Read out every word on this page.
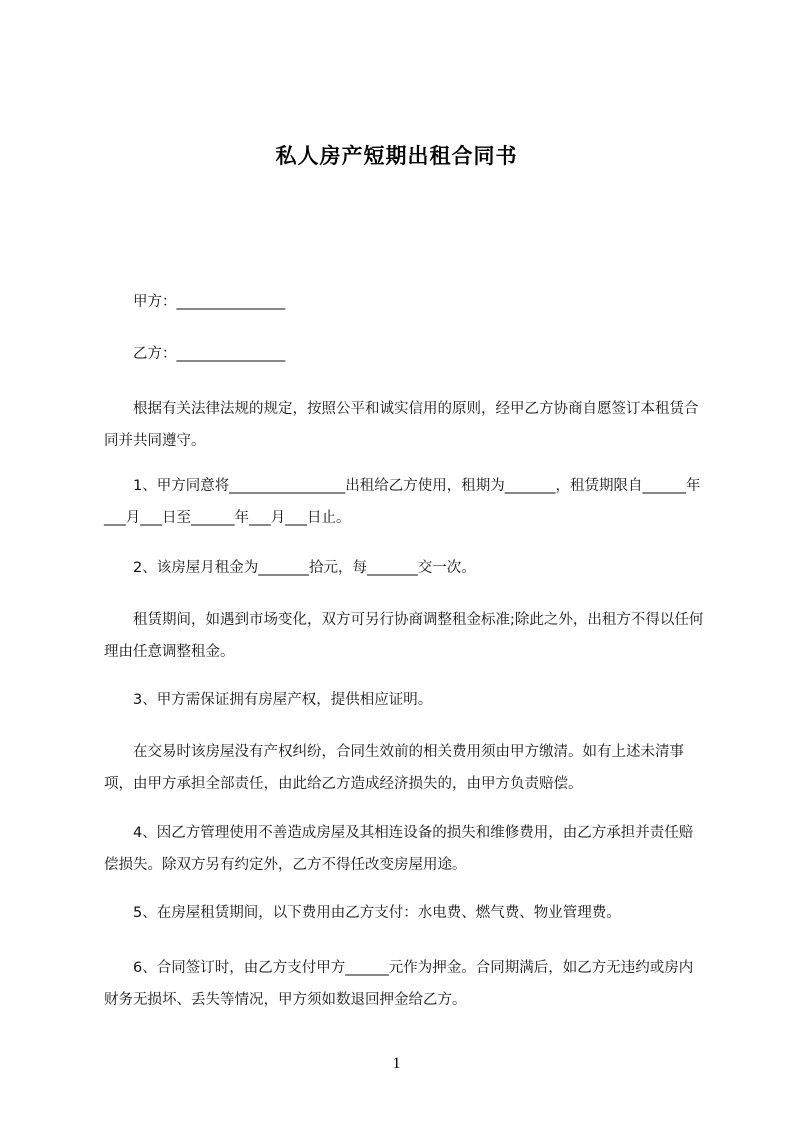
私人房产短期出租合同书
　　甲方：_______________
　　乙方：_______________
　　根据有关法律法规的规定，按照公平和诚实信用的原则，经甲乙方协商自愿签订本租赁合同并共同遵守。
　　1、甲方同意将________________出租给乙方使用，租期为_______，租赁期限自______年___月___日至______年___月___日止。
　　2、该房屋月租金为_______拾元，每_______交一次。
　　租赁期间，如遇到市场变化，双方可另行协商调整租金标准;除此之外，出租方不得以任何理由任意调整租金。
　　3、甲方需保证拥有房屋产权，提供相应证明。
　　在交易时该房屋没有产权纠纷，合同生效前的相关费用须由甲方缴清。如有上述未清事项，由甲方承担全部责任，由此给乙方造成经济损失的，由甲方负责赔偿。
　　4、因乙方管理使用不善造成房屋及其相连设备的损失和维修费用，由乙方承担并责任赔偿损失。除双方另有约定外，乙方不得任改变房屋用途。
　　5、在房屋租赁期间，以下费用由乙方支付：水电费、燃气费、物业管理费。
　　6、合同签订时，由乙方支付甲方______元作为押金。合同期满后，如乙方无违约或房内财务无损坏、丢失等情况，甲方须如数退回押金给乙方。
1
